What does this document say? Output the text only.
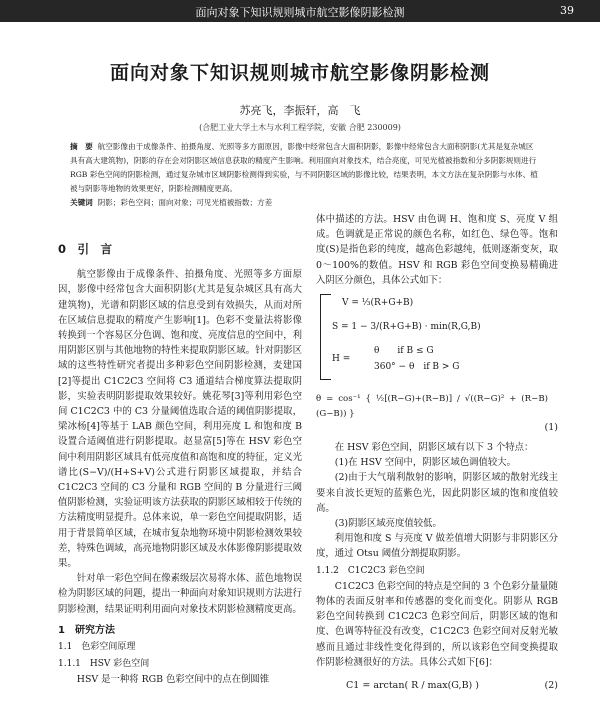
面向对象下知识规则城市航空影像阴影检测	39
面向对象下知识规则城市航空影像阴影检测
苏亮飞，李振轩，高　飞
(合肥工业大学土木与水利工程学院，安徽 合肥 230009)

摘　要 航空影像由于成像条件、拍摄角度、光照等多方面原因，影像中经常包含大面积阴影，影像中经常包含大面积阴影(尤其是复杂城区具有高大建筑物)，阴影的存在会对阴影区域信息获取的精度产生影响。利用面向对象技术，结合亮度，可见光植被指数和分多阴影规则进行 RGB 彩色空间的阴影检测，通过复杂城市区域阴影检测得到实验，与不同阴影区域的影像比较，结果表明，本文方法在复杂阴影与水体、植被与阴影等地物的效果更好，阴影检测精度更高。

关键词 阴影；彩色空间；面向对象；可见光植被指数；方差

0　引　言

航空影像由于成像条件、拍摄角度、光照等多方面原因，影像中经常包含大面积阴影(尤其是复杂城区具有高大建筑物)，光谱和阴影区域的信息受到有效损失，从而对所在区域信息提取的精度产生影响[1]。色彩不变量法将影像转换到一个容易区分色调、饱和度、亮度信息的空间中，利用阴影区别与其他地物的特性来提取阴影区域。针对阴影区域的这些特性研究者提出多种彩色空间阴影检测，麦建国[2]等提出 C1C2C3 空间将 C3 通道结合梯度算法提取阴影，实验表明阴影提取效果较好。姚花琴[3]等利用彩色空间 C1C2C3 中的 C3 分量阈值选取合适的阈值阴影提取，梁冰杨[4]等基于 LAB 颜色空间，利用亮度 L 和饱和度 B 设置合适阈值进行阴影提取。赵显富[5]等在 HSV 彩色空间中利用阴影区域具有低亮度值和高饱和度的特征，定义光谱比(S−V)/(H+S+V)公式进行阴影区域提取，并结合 C1C2C3 空间的 C3 分量和 RGB 空间的 B 分量进行三阈值阴影检测，实验证明该方法获取的阴影区域相较于传统的方法精度明显提升。总体来说，单一彩色空间提取阴影，适用于背景简单区域，在城市复杂地物环境中阴影检测效果较差，特殊色调域，高亮地物阴影区域及水体影像阴影提取效果。

针对单一彩色空间在像素级层次易将水体、蓝色地物误检为阴影区域的问题，提出一种面向对象知识规则方法进行阴影检测，结果证明利用面向对象技术阴影检测精度更高。

1　研究方法
1.1　色彩空间原理
1.1.1　HSV 彩色空间

HSV 是一种将 RGB 色彩空间中的点在倒圆锥

体中描述的方法。HSV 由色调 H、饱和度 S、亮度 V 组成。色调就是正常说的颜色名称，如红色、绿色等。饱和度(S)是指色彩的纯度，越高色彩越纯，低则逐渐变灰，取 0～100%的数值。HSV 和 RGB 彩色空间变换易精确进入阴区分颜色，具体公式如下：

V = ⅓(R+G+B)
S = 1 − 3/(R+G+B) · min(R,G,B)
θ　　if B ≤ G
360° − θ　if B > G
H =
θ = cos⁻¹ { ½[(R−G)+(R−B)] / √((R−G)² + (R−B)(G−B)) }
(1)

在 HSV 彩色空间，阴影区域有以下 3 个特点：

(1)在 HSV 空间中，阴影区域色调值较大。

(2)由于大气瑞利散射的影响，阴影区域的散射光线主要来自波长更短的蓝紫色光，因此阴影区域的饱和度值较高。

(3)阴影区域亮度值较低。

利用饱和度 S 与亮度 V 做差值增大阴影与非阴影区分度，通过 Otsu 阈值分割提取阴影。

1.1.2　C1C2C3 彩色空间

C1C2C3 色彩空间的特点是空间的 3 个色彩分量量随物体的表面反射率和传感器的变化而变化。阴影从 RGB 彩色空间转换到 C1C2C3 色彩空间后，阴影区域的饱和度、色调等特征没有改变，C1C2C3 色彩空间对反射光敏感而且通过非线性变化得到的，所以该彩色空间变换提取作阴影检测很好的方法。具体公式如下[6]：

C1 = arctan( R / max(G,B) )	(2)
